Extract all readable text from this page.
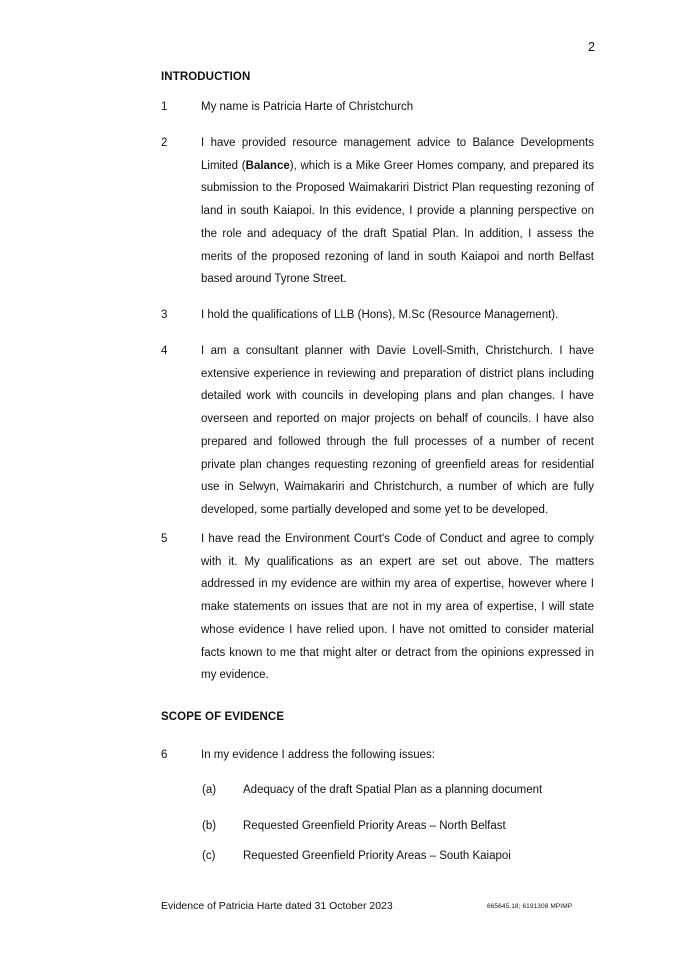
2
INTRODUCTION
1	My name is Patricia Harte of Christchurch
2	I have provided resource management advice to Balance Developments Limited (Balance), which is a Mike Greer Homes company, and prepared its submission to the Proposed Waimakariri District Plan requesting rezoning of land in south Kaiapoi. In this evidence, I provide a planning perspective on the role and adequacy of the draft Spatial Plan. In addition, I assess the merits of the proposed rezoning of land in south Kaiapoi and north Belfast based around Tyrone Street.
3	I hold the qualifications of LLB (Hons), M.Sc (Resource Management).
4	I am a consultant planner with Davie Lovell-Smith, Christchurch. I have extensive experience in reviewing and preparation of district plans including detailed work with councils in developing plans and plan changes. I have overseen and reported on major projects on behalf of councils. I have also prepared and followed through the full processes of a number of recent private plan changes requesting rezoning of greenfield areas for residential use in Selwyn, Waimakariri and Christchurch, a number of which are fully developed, some partially developed and some yet to be developed.
5	I have read the Environment Court's Code of Conduct and agree to comply with it. My qualifications as an expert are set out above. The matters addressed in my evidence are within my area of expertise, however where I make statements on issues that are not in my area of expertise, I will state whose evidence I have relied upon. I have not omitted to consider material facts known to me that might alter or detract from the opinions expressed in my evidence.
SCOPE OF EVIDENCE
6	In my evidence I address the following issues:
(a) Adequacy of the draft Spatial Plan as a planning document
(b) Requested Greenfield Priority Areas – North Belfast
(c) Requested Greenfield Priority Areas – South Kaiapoi
Evidence of Patricia Harte dated 31 October 2023	665645.18; 6191308 MPIMP
